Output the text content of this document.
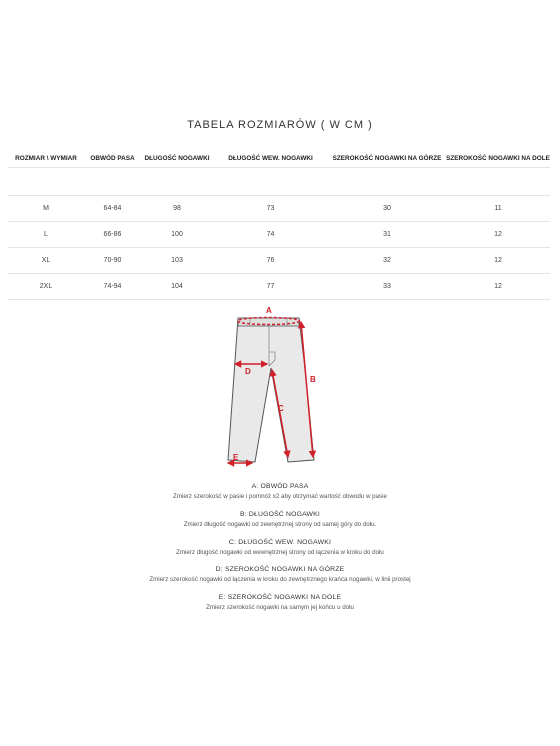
TABELA ROZMIARÓW ( W CM )
ROZMIAR \ WYMIAR	OBWÓD PASA	DŁUGOŚĆ NOGAWKI	DŁUGOŚĆ WEW. NOGAWKI	SZEROKOŚĆ NOGAWKI NA GÓRZE	SZEROKOŚĆ NOGAWKI NA DOLE

M	64-84	98	73	30	11
L	66-86	100	74	31	12
XL	70-90	103	76	32	12
2XL	74-94	104	77	33	12
A
B
C
D
E
A: OBWÓD PASA
Zmierz szerokość w pasie i pomnóż x2 aby otrzymać wartość obwodu w pasie
B: DŁUGOŚĆ NOGAWKI
Zmierz długość nogawki od zewnętrznej strony od samej góry do dołu.
C: DŁUGOŚĆ WEW. NOGAWKI
Zmierz długość nogawki od wewnętrznej strony od łączenia w kroku do dołu
D: SZEROKOŚĆ NOGAWKI NA GÓRZE
Zmierz szerokość nogawki od łączenia w kroku do zewnętrznego krańca nogawki, w linii prostej
E: SZEROKOŚĆ NOGAWKI NA DOLE
Zmierz szerokość nogawki na samym jej końcu u dołu
